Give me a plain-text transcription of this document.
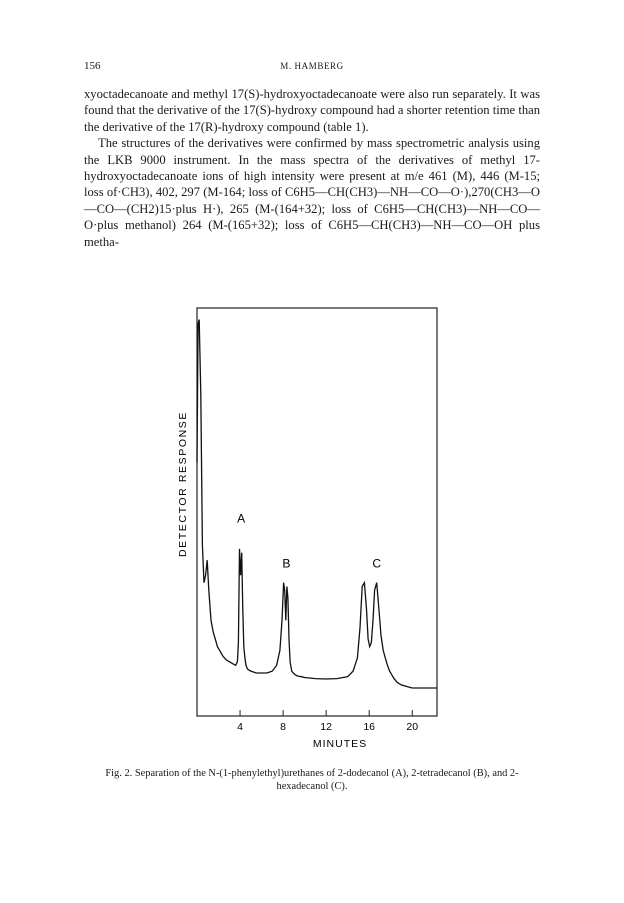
156	M. HAMBERG

xyoctadecanoate and methyl 17(S)-hydroxyoctadecanoate were also run separately. It was found that the derivative of the 17(S)-hydroxy compound had a shorter retention time than the derivative of the 17(R)-hydroxy compound (table 1).

The structures of the derivatives were confirmed by mass spectrometric analysis using the LKB 9000 instrument. In the mass spectra of the derivatives of methyl 17-hydroxyoctadecanoate ions of high intensity were present at m/e 461 (M), 446 (M-15; loss of·CH3), 402, 297 (M-164; loss of C6H5—CH(CH3)—NH—CO—O·),270(CH3—O—CO—(CH2)15·plus H·), 265 (M-(164+32); loss of C6H5—CH(CH3)—NH—CO—O·plus methanol) 264 (M-(165+32); loss of C6H5—CH(CH3)—NH—CO—OH plus metha-

4	8	12	16	20
A
B	C
MINUTES
DETECTOR RESPONSE
Fig. 2. Separation of the N-(1-phenylethyl)urethanes of 2-dodecanol (A), 2-tetradecanol (B), and 2-hexadecanol (C).
